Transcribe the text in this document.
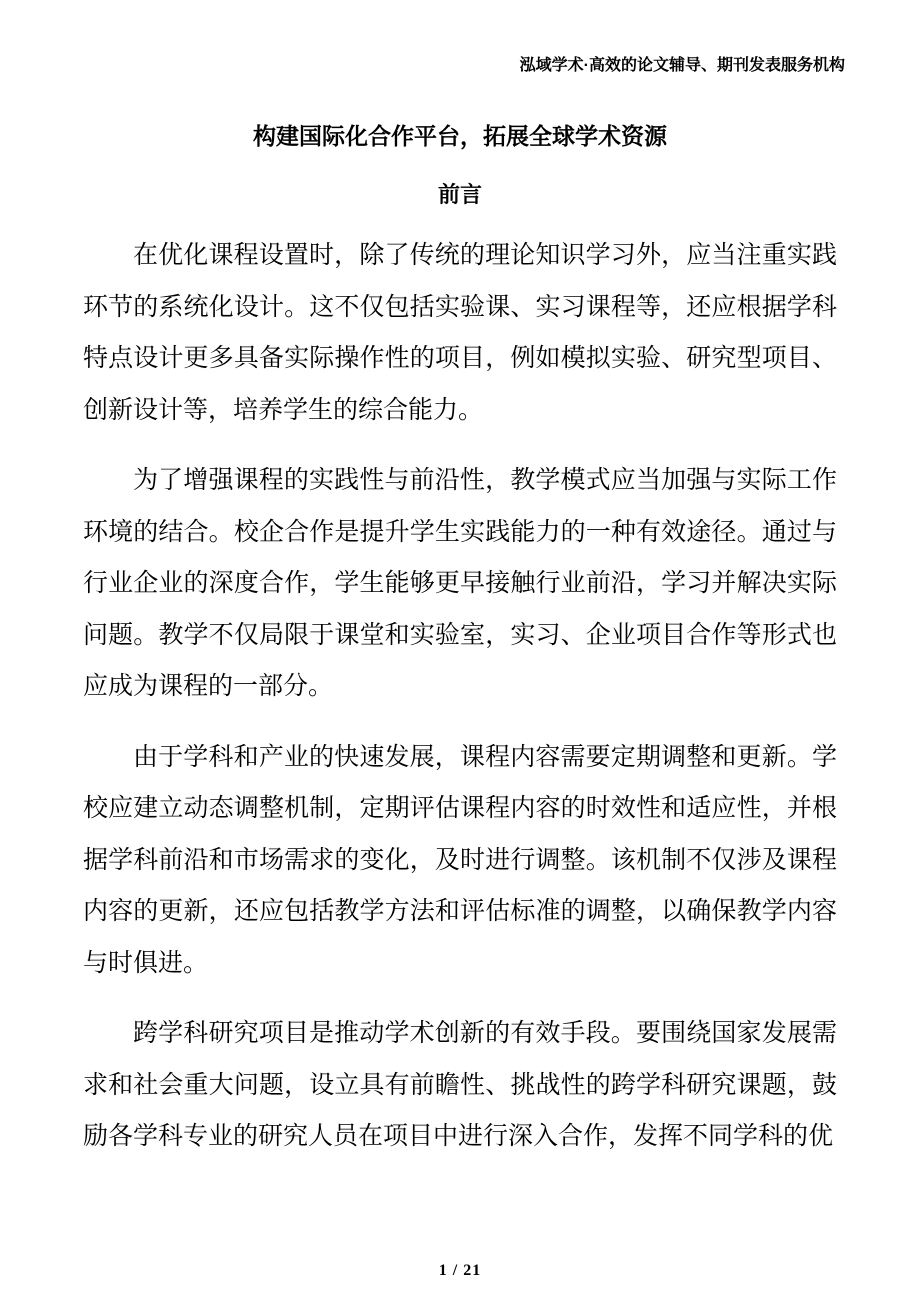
泓域学术·高效的论文辅导、期刊发表服务机构
构建国际化合作平台，拓展全球学术资源
前言

在优化课程设置时，除了传统的理论知识学习外，应当注重实践环节的系统化设计。这不仅包括实验课、实习课程等，还应根据学科特点设计更多具备实际操作性的项目，例如模拟实验、研究型项目、创新设计等，培养学生的综合能力。

为了增强课程的实践性与前沿性，教学模式应当加强与实际工作环境的结合。校企合作是提升学生实践能力的一种有效途径。通过与行业企业的深度合作，学生能够更早接触行业前沿，学习并解决实际问题。教学不仅局限于课堂和实验室，实习、企业项目合作等形式也应成为课程的一部分。

由于学科和产业的快速发展，课程内容需要定期调整和更新。学校应建立动态调整机制，定期评估课程内容的时效性和适应性，并根据学科前沿和市场需求的变化，及时进行调整。该机制不仅涉及课程内容的更新，还应包括教学方法和评估标准的调整，以确保教学内容与时俱进。

跨学科研究项目是推动学术创新的有效手段。要围绕国家发展需求和社会重大问题，设立具有前瞻性、挑战性的跨学科研究课题，鼓励各学科专业的研究人员在项目中进行深入合作，发挥不同学科的优

1 / 21
